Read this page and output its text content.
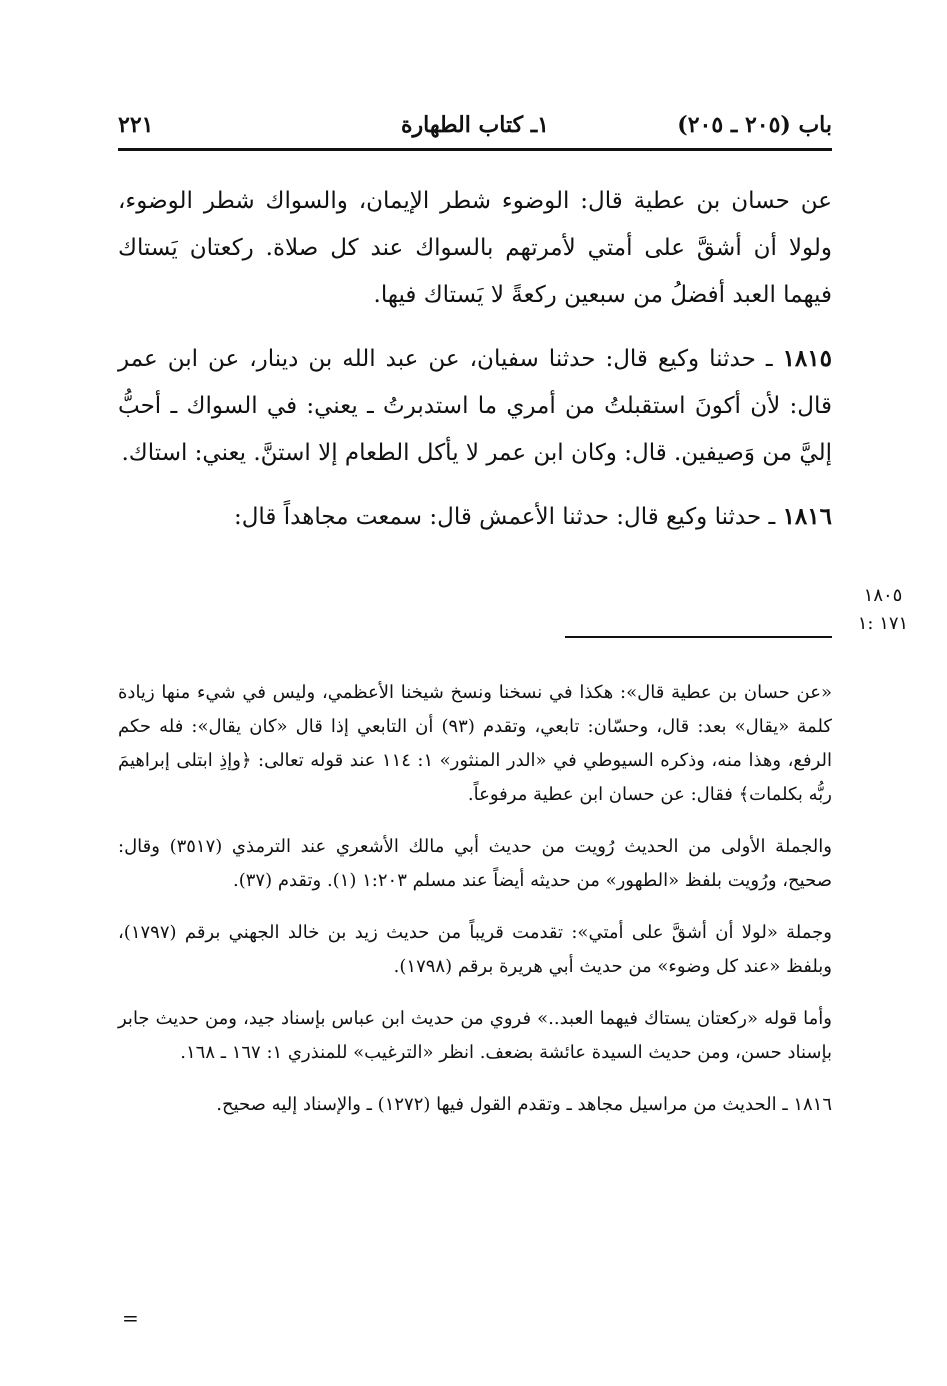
باب (٢٠٥ ـ ٢٠٥)
١ـ كتاب الطهارة
٢٢١

عن حسان بن عطية قال: الوضوء شطر الإيمان، والسواك شطر الوضوء، ولولا أن أشقَّ على أمتي لأمرتهم بالسواك عند كل صلاة. ركعتان يَستاك فيهما العبد أفضلُ من سبعين ركعةً لا يَستاك فيها.

١٨١٥ ـ حدثنا وكيع قال: حدثنا سفيان، عن عبد الله بن دينار، عن ابن عمر قال: لأن أكونَ استقبلتُ من أمري ما استدبرتُ ـ يعني: في السواك ـ أحبُّ إليَّ من وَصيفين. قال: وكان ابن عمر لا يأكل الطعام إلا استنَّ. يعني: استاك.

١٨١٦ ـ حدثنا وكيع قال: حدثنا الأعمش قال: سمعت مجاهداً قال:

١٨٠٥
١٧١ :١

«عن حسان بن عطية قال»: هكذا في نسخنا ونسخ شيخنا الأعظمي، وليس في شيء منها زيادة كلمة «يقال» بعد: قال، وحسّان: تابعي، وتقدم (٩٣) أن التابعي إذا قال «كان يقال»: فله حكم الرفع، وهذا منه، وذكره السيوطي في «الدر المنثور» ١: ١١٤ عند قوله تعالى: ﴿وإذِ ابتلى إبراهيمَ ربُّه بكلمات﴾ فقال: عن حسان ابن عطية مرفوعاً.

والجملة الأولى من الحديث رُويت من حديث أبي مالك الأشعري عند الترمذي (٣٥١٧) وقال: صحيح، ورُويت بلفظ «الطهور» من حديثه أيضاً عند مسلم ١:٢٠٣ (١). وتقدم (٣٧).

وجملة «لولا أن أشقَّ على أمتي»: تقدمت قريباً من حديث زيد بن خالد الجهني برقم (١٧٩٧)، وبلفظ «عند كل وضوء» من حديث أبي هريرة برقم (١٧٩٨).

وأما قوله «ركعتان يستاك فيهما العبد..» فروي من حديث ابن عباس بإسناد جيد، ومن حديث جابر بإسناد حسن، ومن حديث السيدة عائشة بضعف. انظر «الترغيب» للمنذري ١: ١٦٧ ـ ١٦٨.

١٨١٦ ـ الحديث من مراسيل مجاهد ـ وتقدم القول فيها (١٢٧٢) ـ والإسناد إليه صحيح.

=
